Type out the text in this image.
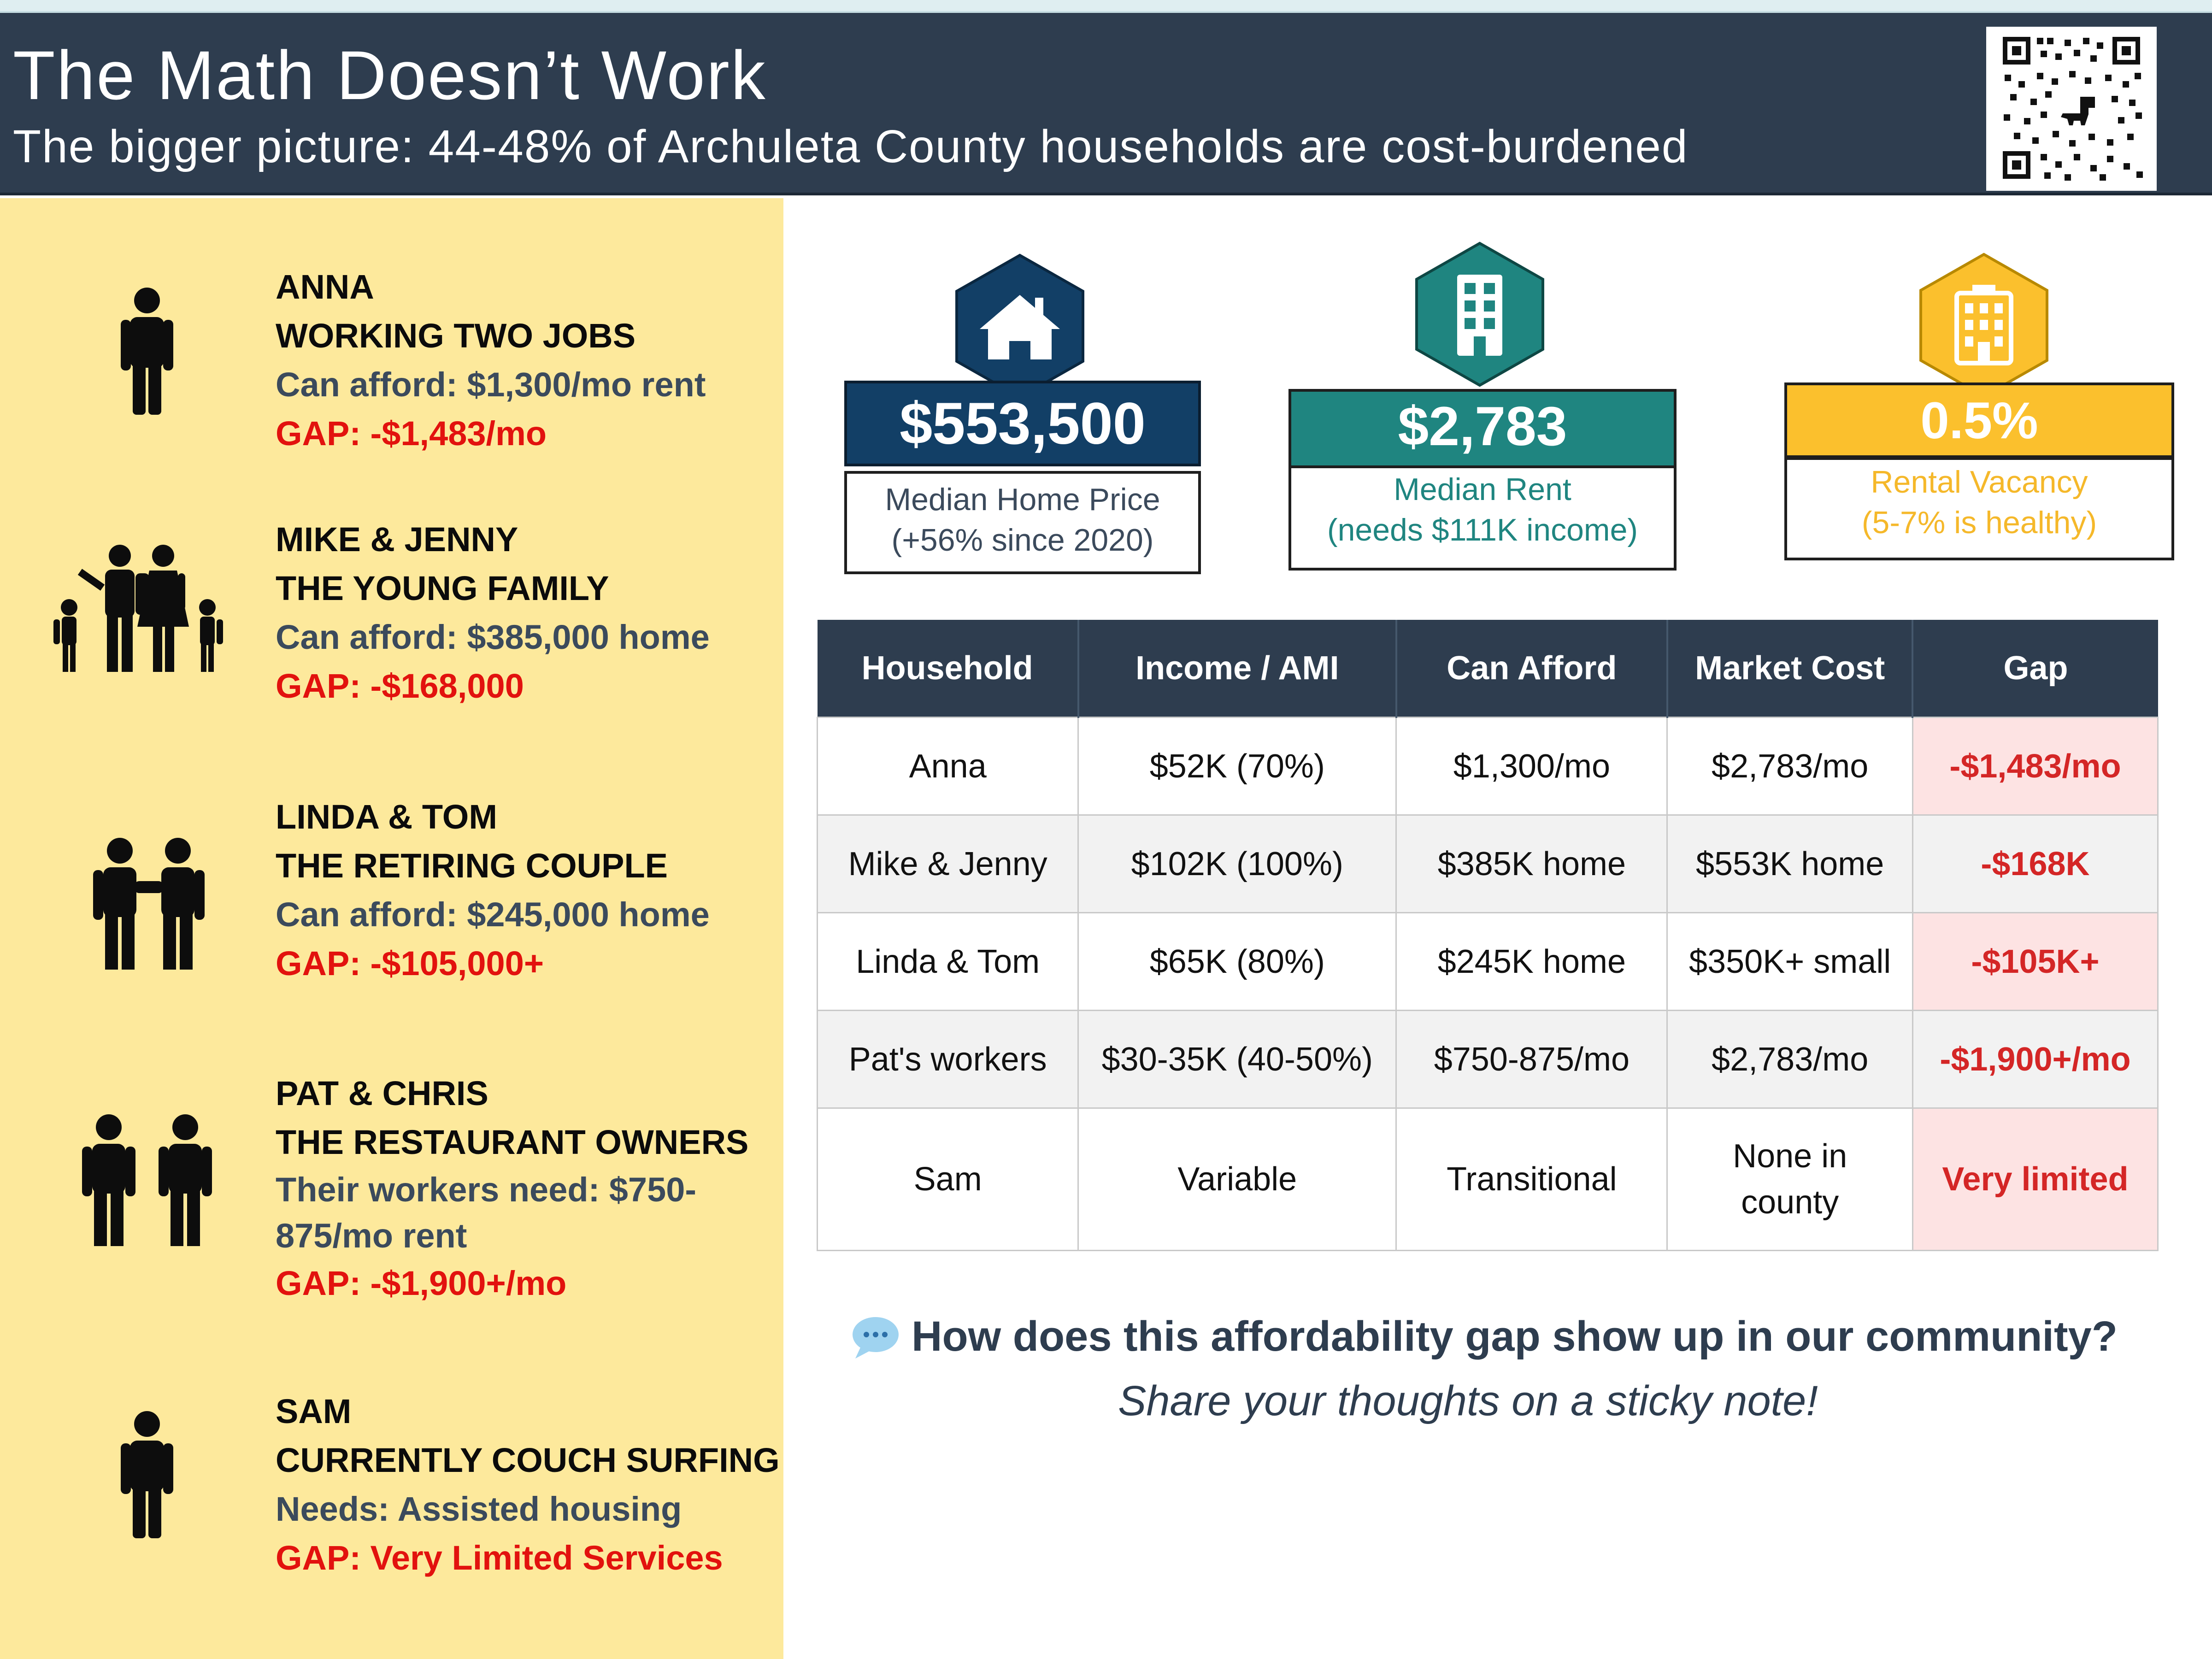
The Math Doesn’t Work
The bigger picture: 44-48% of Archuleta County households are cost-burdened
ANNA
WORKING TWO JOBS
Can afford: $1,300/mo rent
GAP: -$1,483/mo
MIKE & JENNY
THE YOUNG FAMILY
Can afford: $385,000 home
GAP: -$168,000
LINDA & TOM
THE RETIRING COUPLE
Can afford: $245,000 home
GAP: -$105,000+
PAT & CHRIS
THE RESTAURANT OWNERS
Their workers need: $750-875/mo rent
GAP: -$1,900+/mo
SAM
CURRENTLY COUCH SURFING
Needs: Assisted housing
GAP: Very Limited Services
$553,500
Median Home Price
(+56% since 2020)
$2,783
Median Rent
(needs $111K income)
0.5%
Rental Vacancy
(5-7% is healthy)
Household	Income / AMI	Can Afford	Market Cost	Gap
Anna	$52K (70%)	$1,300/mo	$2,783/mo	-$1,483/mo
Mike & Jenny	$102K (100%)	$385K home	$553K home	-$168K
Linda & Tom	$65K (80%)	$245K home	$350K+ small	-$105K+
Pat's workers	$30-35K (40-50%)	$750-875/mo	$2,783/mo	-$1,900+/mo
Sam	Variable	Transitional	None in county	Very limited
How does this affordability gap show up in our community?
Share your thoughts on a sticky note!
